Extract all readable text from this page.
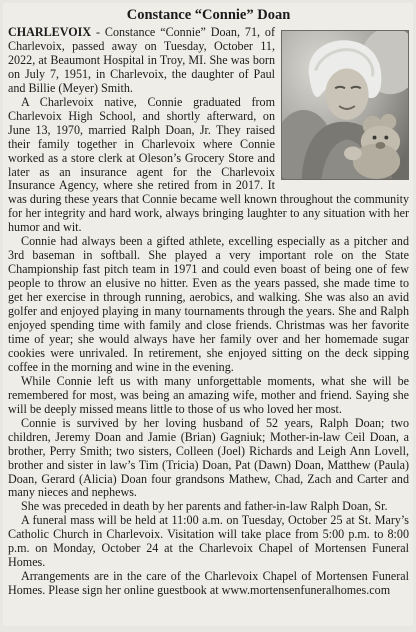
Constance “Connie” Doan

CHARLEVOIX - Constance “Connie” Doan, 71, of Charlevoix, passed away on Tuesday, October 11, 2022, at Beaumont Hospital in Troy, MI. She was born on July 7, 1951, in Charlevoix, the daughter of Paul and Billie (Meyer) Smith.

A Charlevoix native, Connie graduated from Charlevoix High School, and shortly afterward, on June 13, 1970, married Ralph Doan, Jr. They raised their family together in Charlevoix where Connie worked as a store clerk at Oleson’s Grocery Store and later as an insurance agent for the Charlevoix Insurance Agency, where she retired from in 2017. It was during these years that Connie became well known throughout the community for her integrity and hard work, always bringing laughter to any situation with her humor and wit.

Connie had always been a gifted athlete, excelling especially as a pitcher and 3rd baseman in softball. She played a very important role on the State Championship fast pitch team in 1971 and could even boast of being one of few people to throw an elusive no hitter. Even as the years passed, she made time to get her exercise in through running, aerobics, and walking. She was also an avid golfer and enjoyed playing in many tournaments through the years. She and Ralph enjoyed spending time with family and close friends. Christmas was her favorite time of year; she would always have her family over and her homemade sugar cookies were unrivaled. In retirement, she enjoyed sitting on the deck sipping coffee in the morning and wine in the evening.

While Connie left us with many unforgettable moments, what she will be remembered for most, was being an amazing wife, mother and friend. Saying she will be deeply missed means little to those of us who loved her most.

Connie is survived by her loving husband of 52 years, Ralph Doan; two children, Jeremy Doan and Jamie (Brian) Gagniuk; Mother-in-law Ceil Doan, a brother, Perry Smith; two sisters, Colleen (Joel) Richards and Leigh Ann Lovell, brother and sister in law’s Tim (Tricia) Doan, Pat (Dawn) Doan, Matthew (Paula) Doan, Gerard (Alicia) Doan four grandsons Mathew, Chad, Zach and Carter and many nieces and nephews.

She was preceded in death by her parents and father-in-law Ralph Doan, Sr.

A funeral mass will be held at 11:00 a.m. on Tuesday, October 25 at St. Mary’s Catholic Church in Charlevoix. Visitation will take place from 5:00 p.m. to 8:00 p.m. on Monday, October 24 at the Charlevoix Chapel of Mortensen Funeral Homes.

Arrangements are in the care of the Charlevoix Chapel of Mortensen Funeral Homes. Please sign her online guestbook at www.mortensenfuneralhomes.com
